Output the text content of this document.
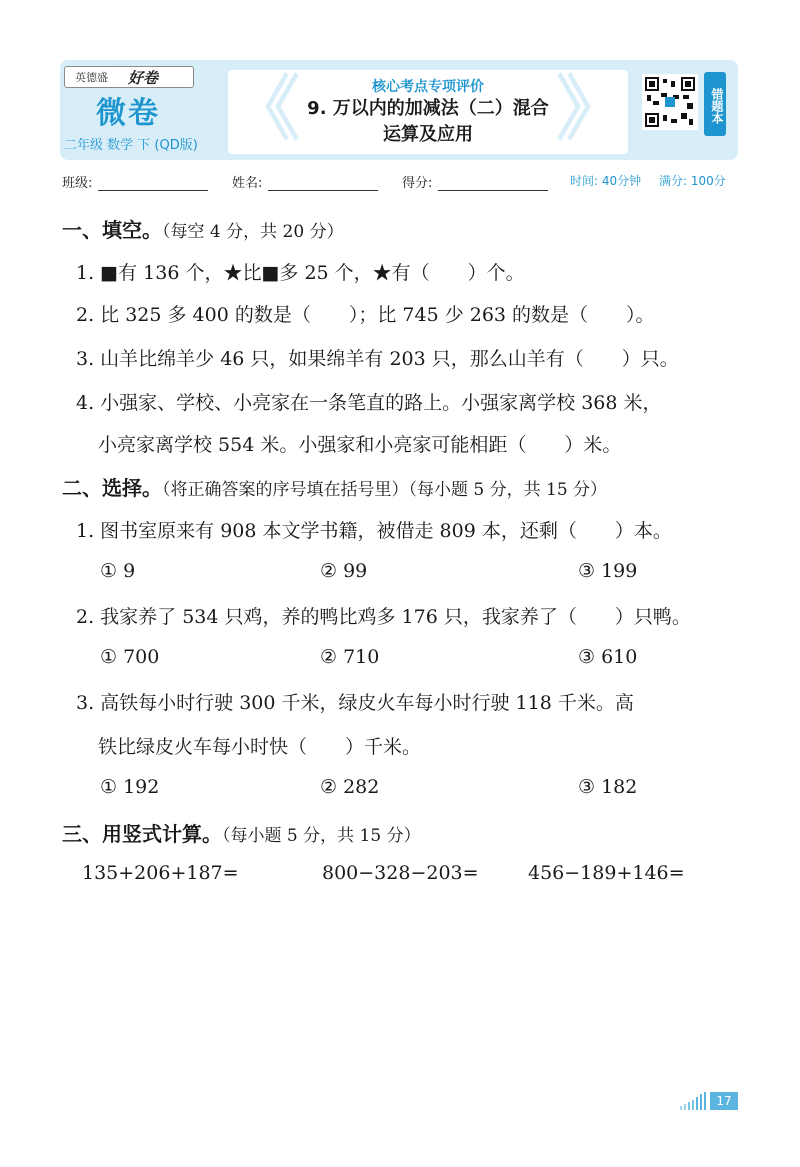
英德盛 好卷
微卷
二年级 数学 下 (QD版) 《	》
核心考点专项评价
9. 万以内的加减法（二）混合
运算及应用
错题本
班级:	姓名:	得分:	时间: 40分钟 满分: 100分
一、填空。（每空 4 分，共 20 分）
1. ■有 136 个，★比■多 25 个，★有（　　）个。
2. 比 325 多 400 的数是（　　）；比 745 少 263 的数是（　　）。
3. 山羊比绵羊少 46 只，如果绵羊有 203 只，那么山羊有（　　）只。
4. 小强家、学校、小亮家在一条笔直的路上。小强家离学校 368 米，
小亮家离学校 554 米。小强家和小亮家可能相距（　　）米。
二、选择。（将正确答案的序号填在括号里）（每小题 5 分，共 15 分）
1. 图书室原来有 908 本文学书籍，被借走 809 本，还剩（　　）本。
① 9	② 99	③ 199
2. 我家养了 534 只鸡，养的鸭比鸡多 176 只，我家养了（　　）只鸭。
① 700	② 710	③ 610
3. 高铁每小时行驶 300 千米，绿皮火车每小时行驶 118 千米。高
铁比绿皮火车每小时快（　　）千米。
① 192	② 282	③ 182
三、用竖式计算。（每小题 5 分，共 15 分）
135+206+187=	800−328−203=	456−189+146=
17
